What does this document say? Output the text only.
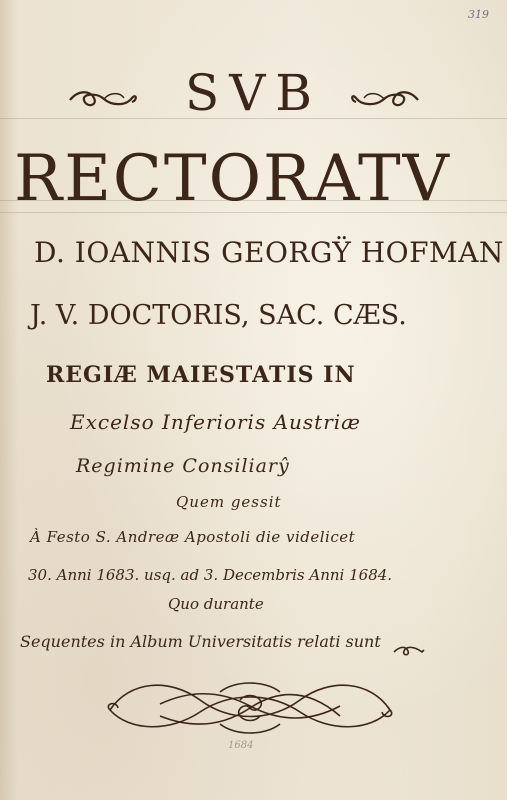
319
SVB
RECTORATV
D. IOANNIS GEORGŸ HOFMAN
J. V. DOCTORIS, SAC. CÆS.
REGIÆ MAIESTATIS IN
Excelso Inferioris Austriæ
Regimine Consiliarŷ
Quem gessit
À Festo S. Andreæ Apostoli die videlicet
30. Anni 1683. usq. ad 3. Decembris Anni 1684.
Quo durante
Sequentes in Album Universitatis relati sunt
1684
